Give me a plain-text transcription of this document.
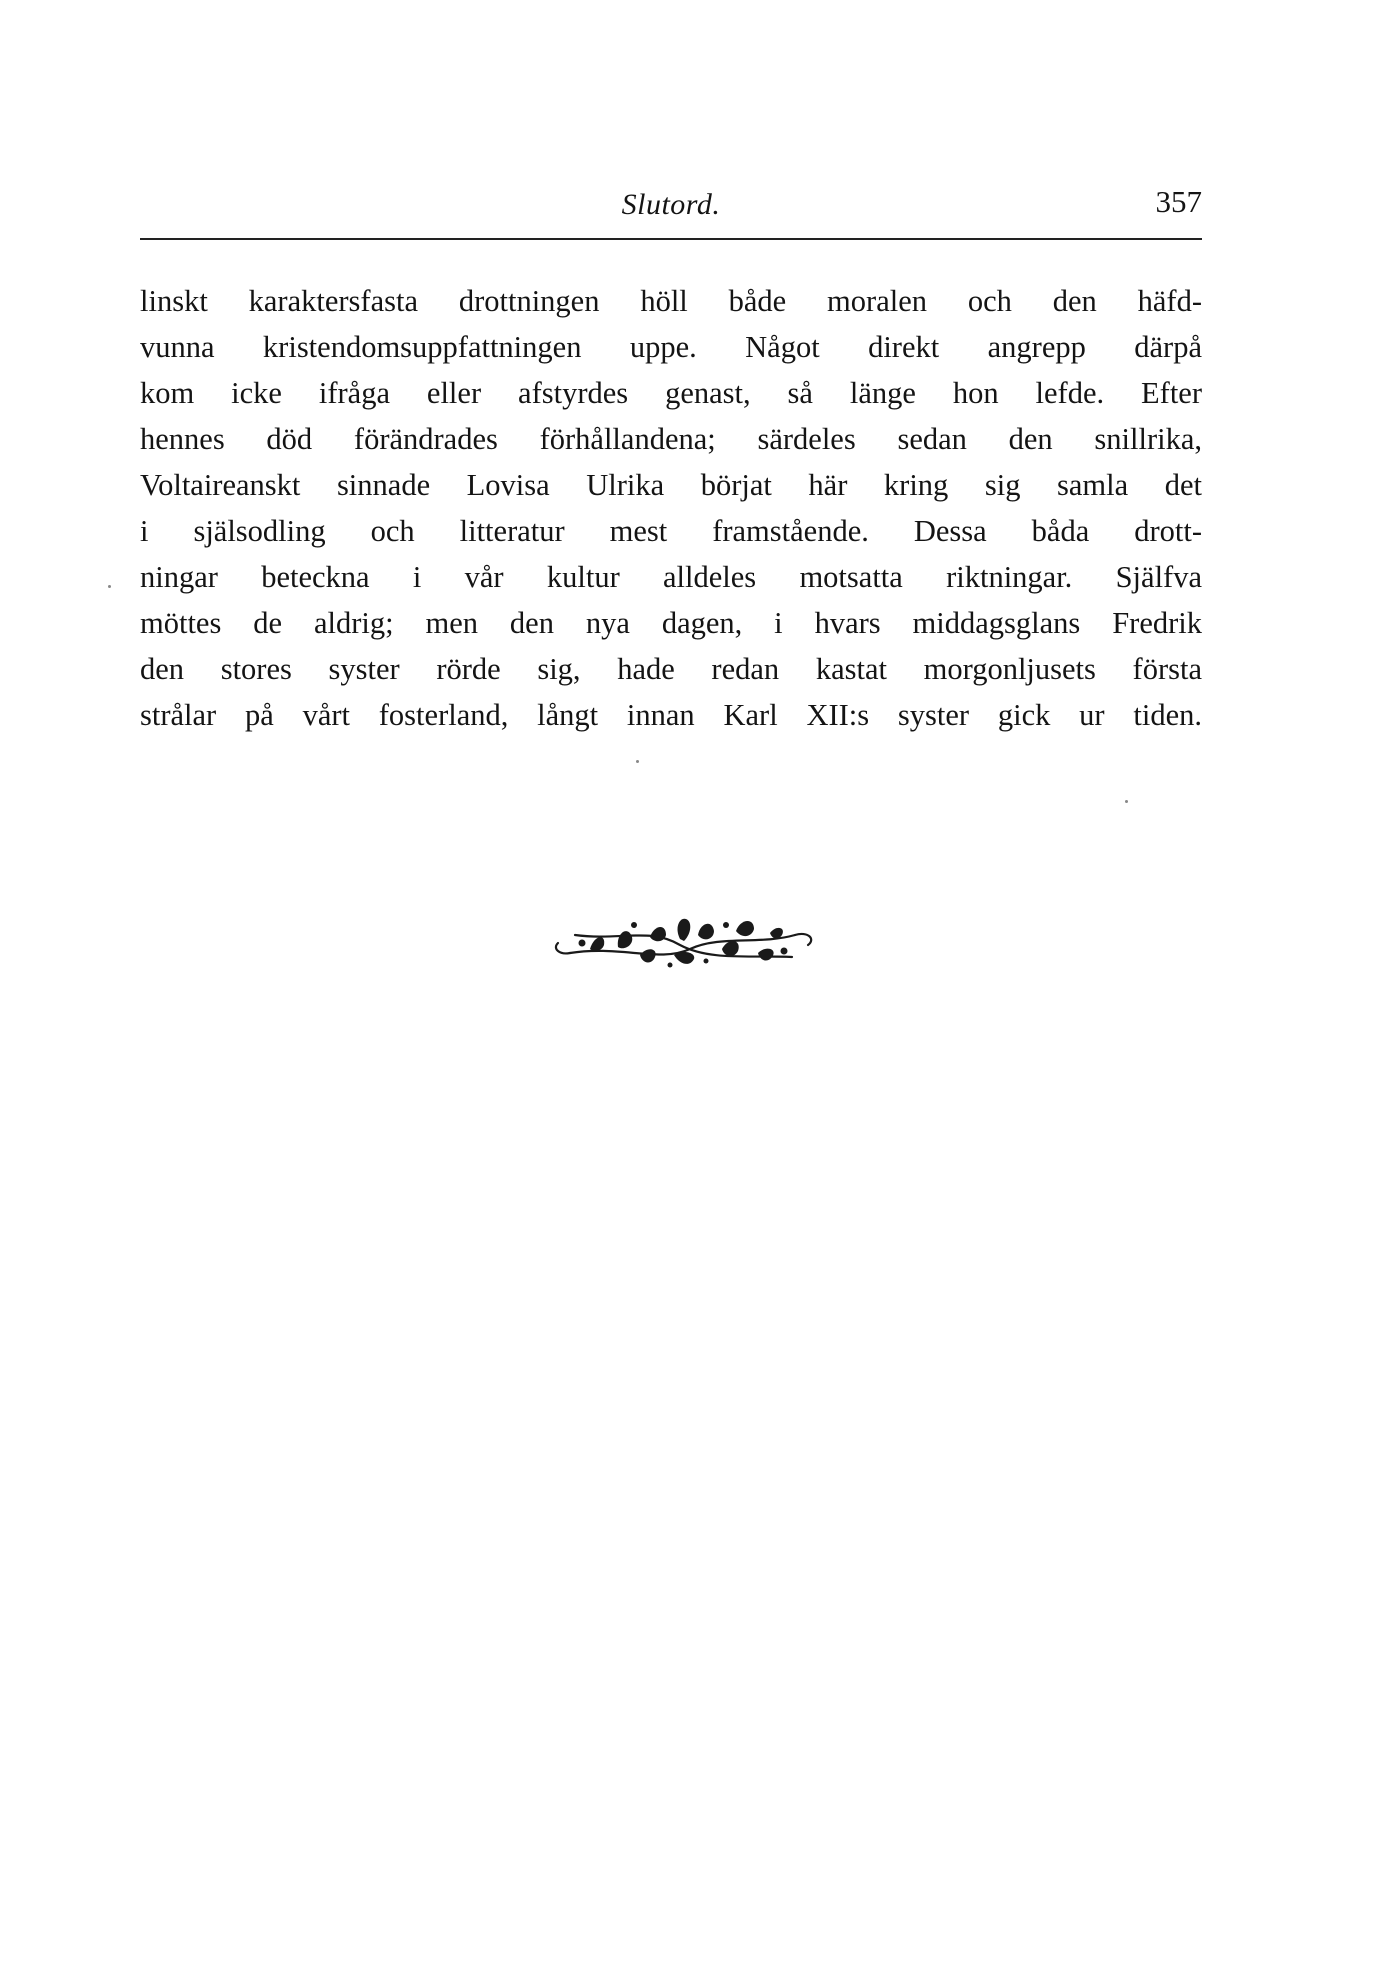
Slutord.	357
linskt karaktersfasta drottningen höll både moralen och den häfd-
vunna kristendomsuppfattningen uppe. Något direkt angrepp därpå
kom icke ifråga eller afstyrdes genast, så länge hon lefde. Efter
hennes död förändrades förhållandena; särdeles sedan den snillrika,
Voltaireanskt sinnade Lovisa Ulrika börjat här kring sig samla det
i själsodling och litteratur mest framstående. Dessa båda drott-
ningar beteckna i vår kultur alldeles motsatta riktningar. Själfva
möttes de aldrig; men den nya dagen, i hvars middagsglans Fredrik
den stores syster rörde sig, hade redan kastat morgonljusets första
strålar på vårt fosterland, långt innan Karl XII:s syster gick ur tiden.
